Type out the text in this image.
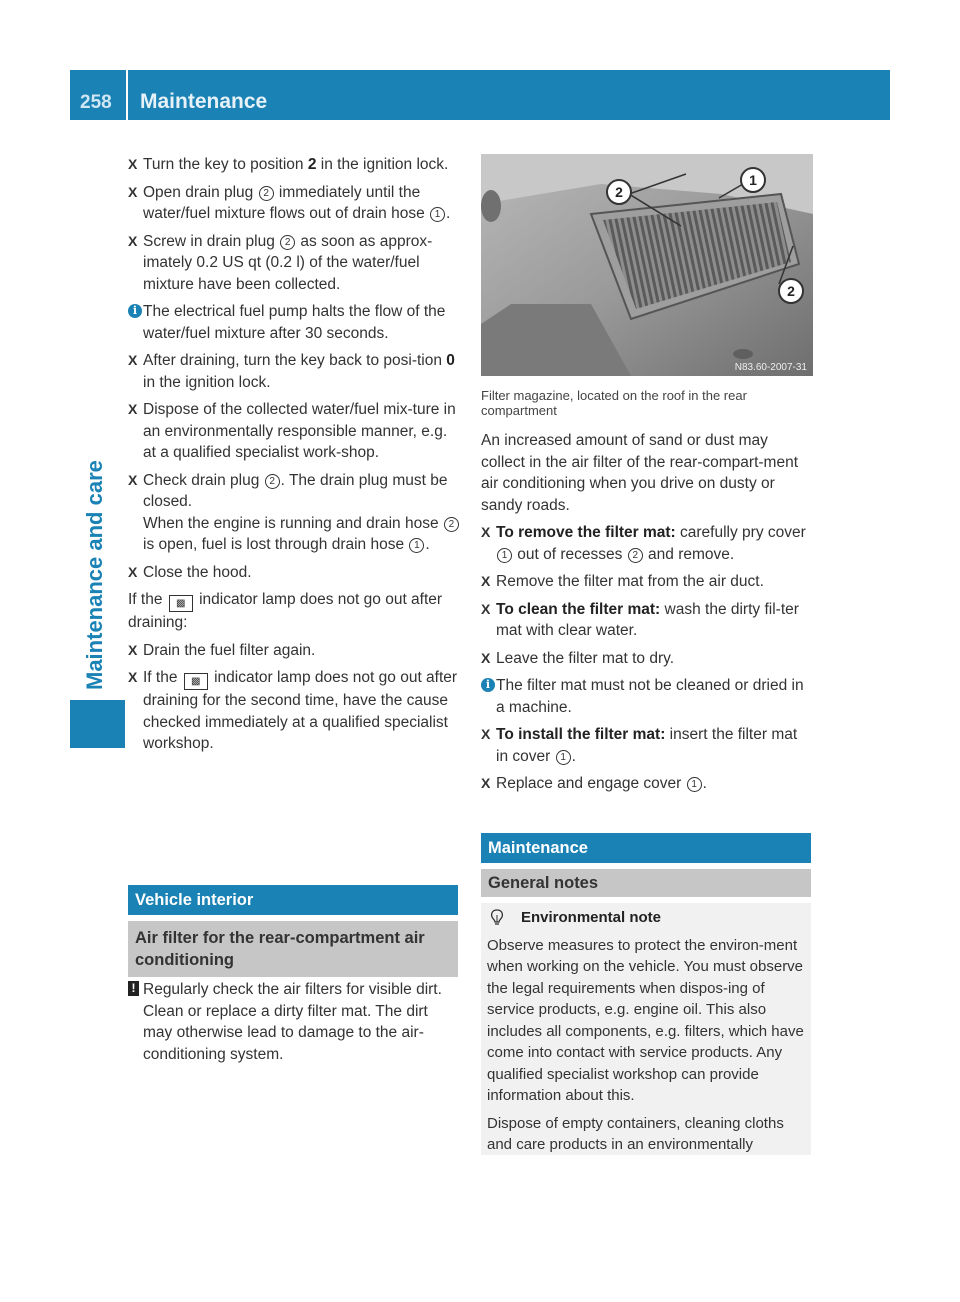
258 Maintenance
Maintenance and care
X Turn the key to position 2 in the ignition lock.
X Open drain plug 2 immediately until the water/fuel mixture flows out of drain hose 1 .
X Screw in drain plug 2 as soon as approx-imately 0.2 US qt (0.2 l) of the water/fuel mixture have been collected.
i The electrical fuel pump halts the flow of the water/fuel mixture after 30 seconds.
X After draining, turn the key back to posi-tion 0 in the ignition lock.
X Dispose of the collected water/fuel mix-ture in an environmentally responsible manner, e.g. at a qualified specialist work-shop.
X Check drain plug 2 . The drain plug must be closed.
When the engine is running and drain hose 2 is open, fuel is lost through drain hose 1 .
X Close the hood.
If the ▩ indicator lamp does not go out after draining:
X Drain the fuel filter again.
X If the ▩ indicator lamp does not go out after draining for the second time, have the cause checked immediately at a qualified specialist workshop.
Vehicle interior
Air filter for the rear-compartment air conditioning
! Regularly check the air filters for visible dirt. Clean or replace a dirty filter mat. The dirt may otherwise lead to damage to the air-conditioning system.
2
1
2
N83.60-2007-31
Filter magazine, located on the roof in the rear compartment
An increased amount of sand or dust may collect in the air filter of the rear-compart-ment air conditioning when you drive on dusty or sandy roads.
X To remove the filter mat: carefully pry cover 1 out of recesses 2 and remove.
X Remove the filter mat from the air duct.
X To clean the filter mat: wash the dirty fil-ter mat with clear water.
X Leave the filter mat to dry.
i The filter mat must not be cleaned or dried in a machine.
X To install the filter mat: insert the filter mat in cover 1 .
X Replace and engage cover 1 .
Maintenance
General notes
Environmental note

Observe measures to protect the environ-ment when working on the vehicle. You must observe the legal requirements when dispos-ing of service products, e.g. engine oil. This also includes all components, e.g. filters, which have come into contact with service products. Any qualified specialist workshop can provide information about this.

Dispose of empty containers, cleaning cloths and care products in an environmentally
